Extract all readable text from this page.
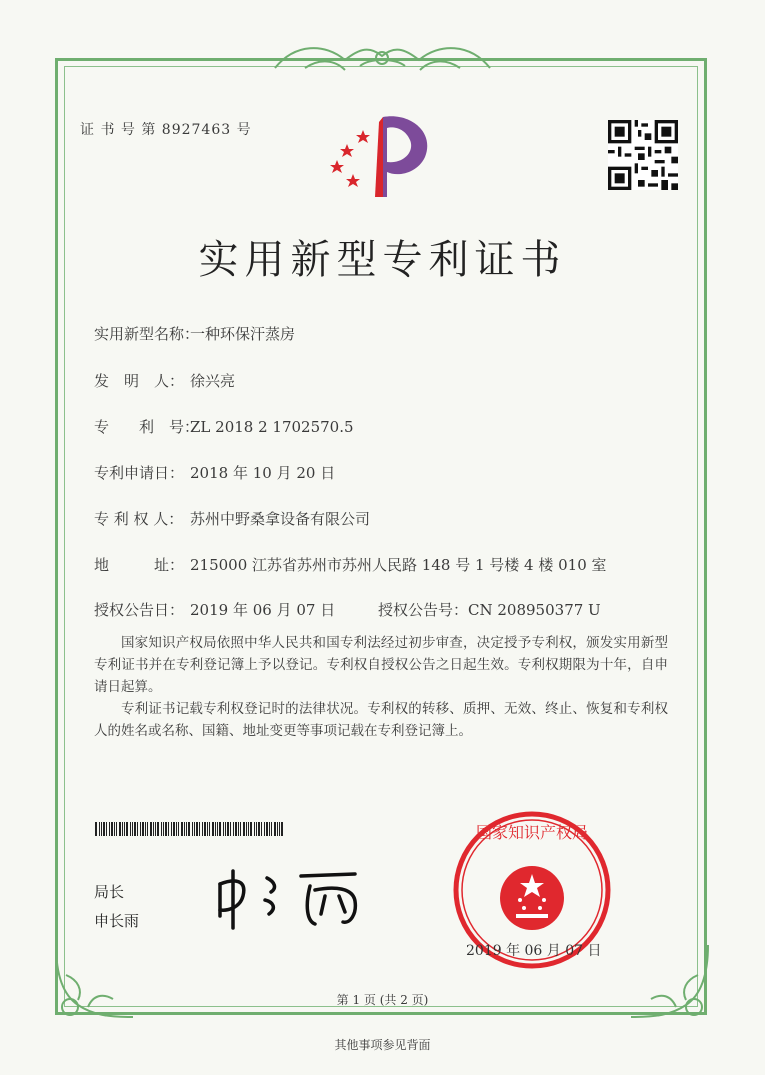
证 书 号 第 8927463 号
实用新型专利证书
实用新型名称：一种环保汗蒸房
发　明　人： 徐兴亮
专　　利　号：ZL 2018 2 1702570.5
专利申请日： 2018 年 10 月 20 日
专 利 权 人： 苏州中野桑拿设备有限公司
地　　　址： 215000 江苏省苏州市苏州人民路 148 号 1 号楼 4 楼 010 室
授权公告日： 2019 年 06 月 07 日	授权公告号：CN 208950377 U

国家知识产权局依照中华人民共和国专利法经过初步审查，决定授予专利权，颁发实用新型专利证书并在专利登记簿上予以登记。专利权自授权公告之日起生效。专利权期限为十年，自申请日起算。

专利证书记载专利权登记时的法律状况。专利权的转移、质押、无效、终止、恢复和专利权人的姓名或名称、国籍、地址变更等事项记载在专利登记簿上。

局长
申长雨
国家知识产权局
2019 年 06 月 07 日
第 1 页 (共 2 页)
其他事项参见背面
